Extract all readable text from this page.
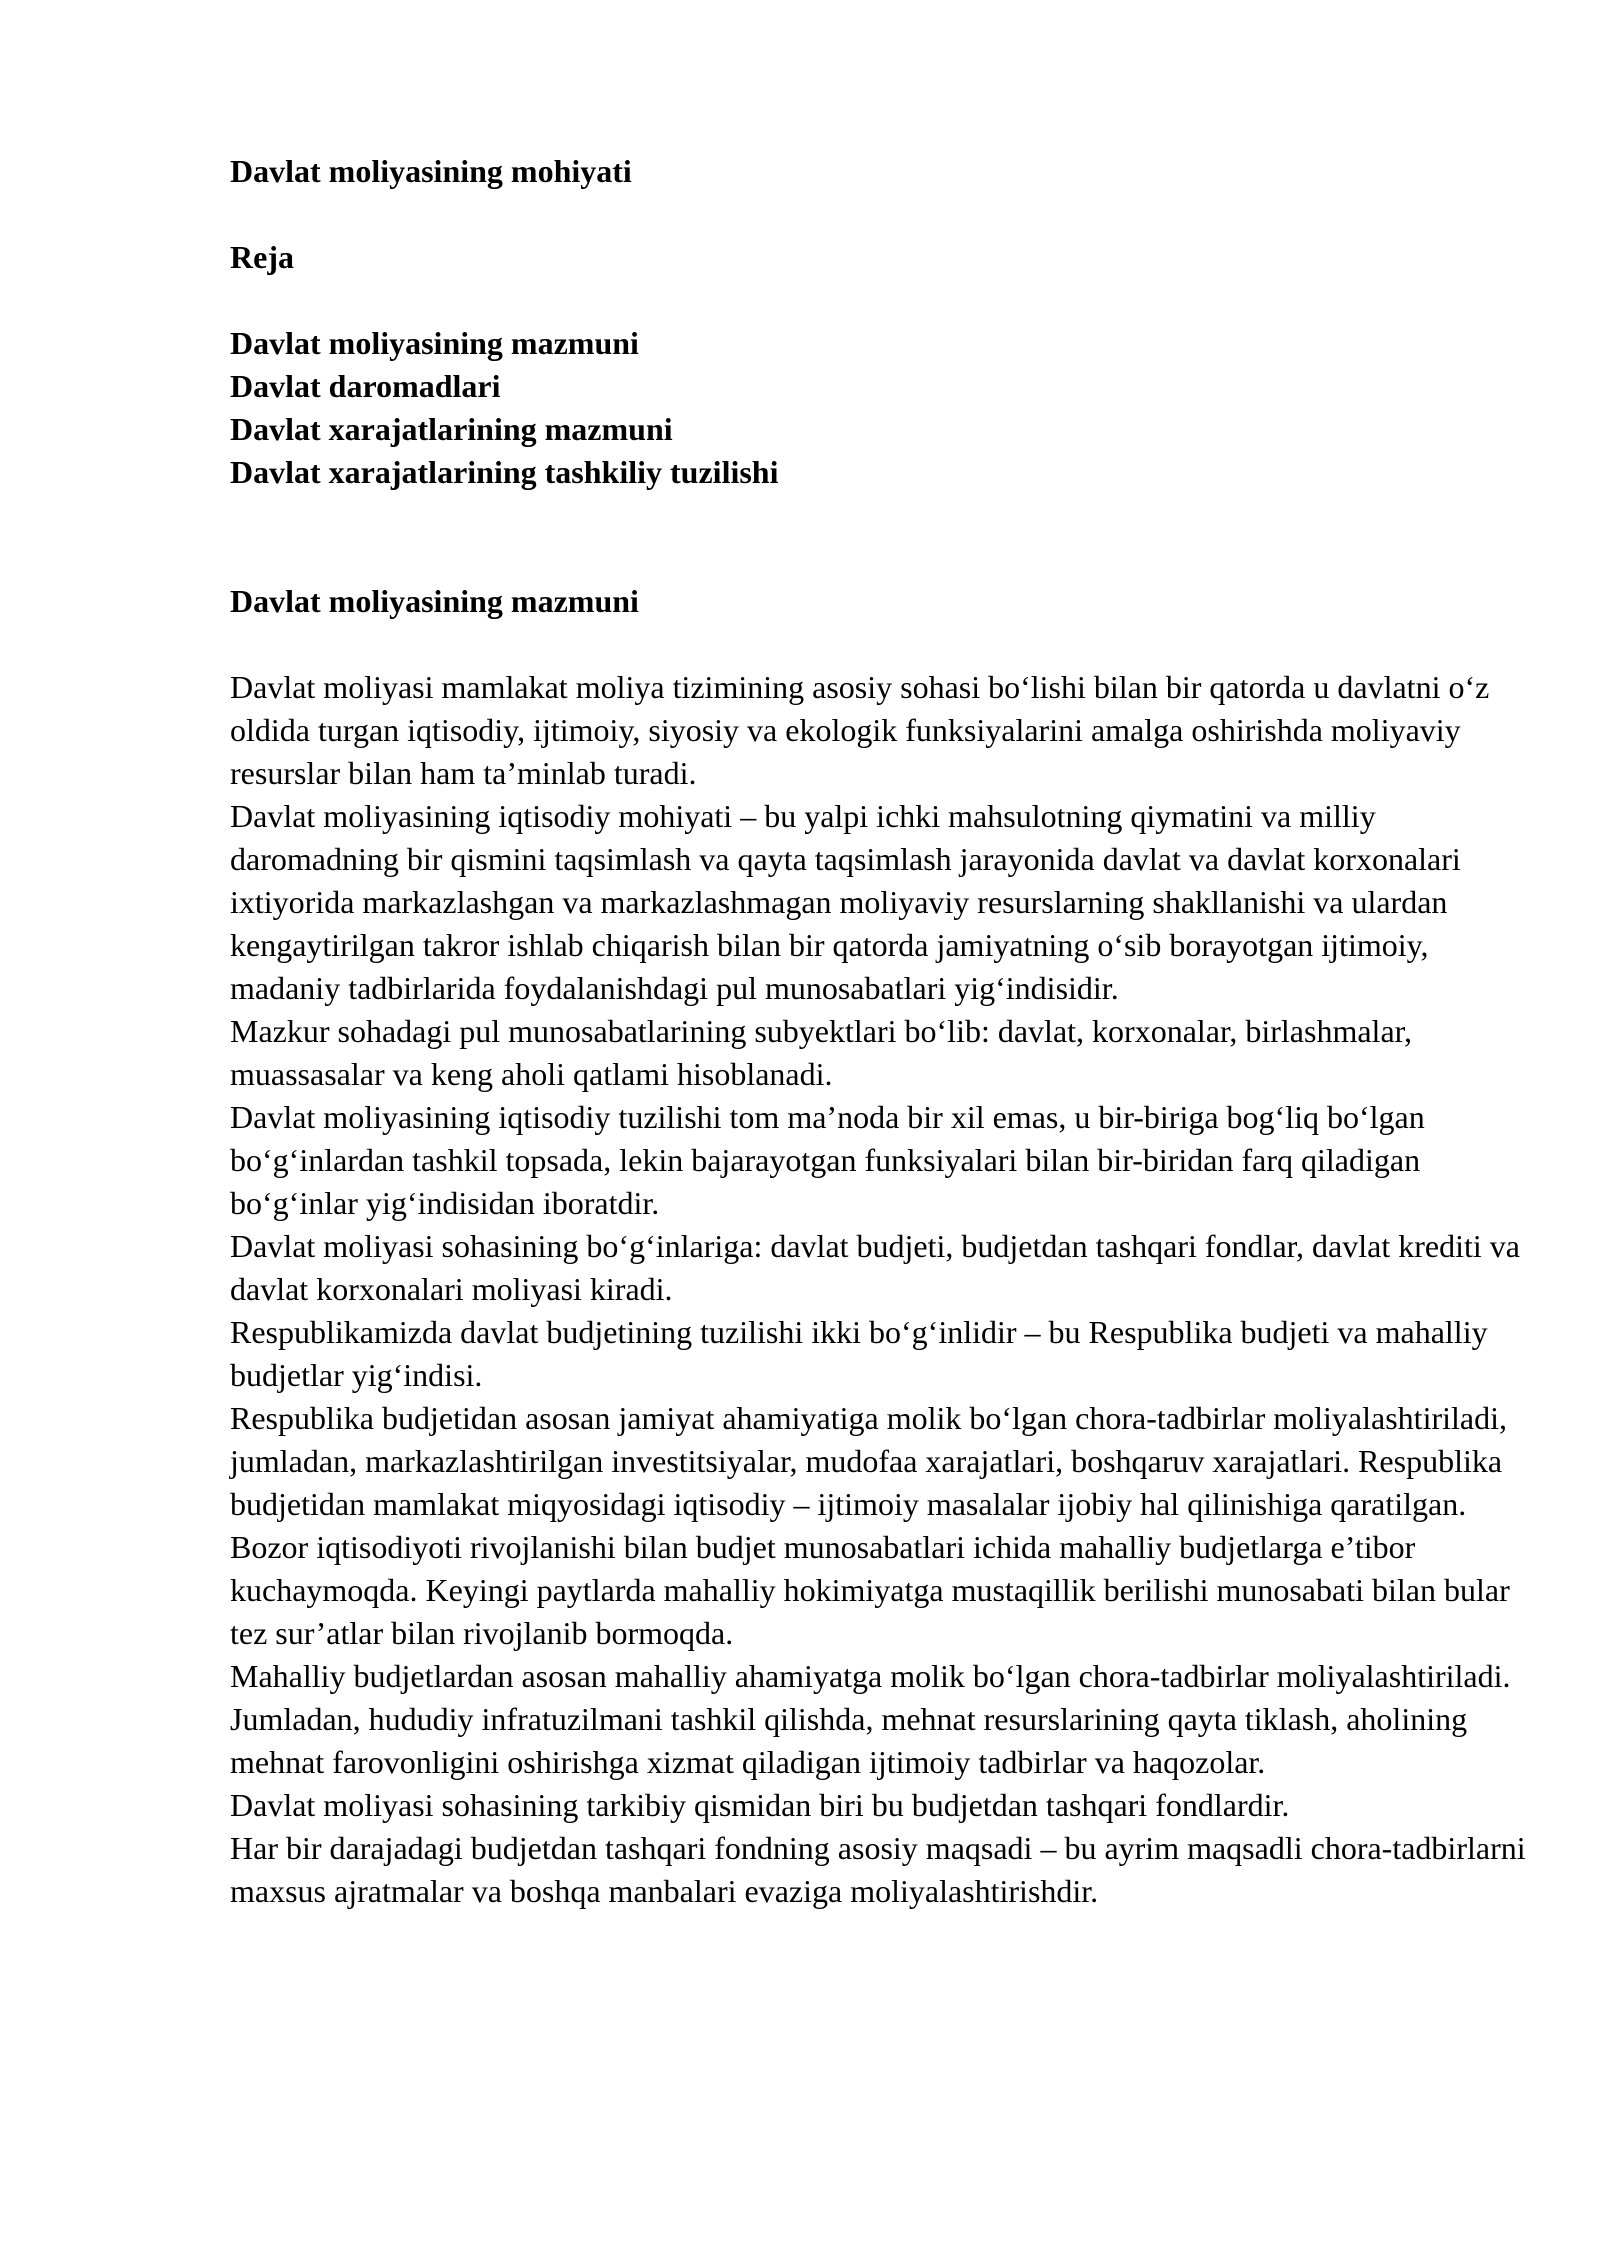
Davlat moliyasining mohiyati
Reja
Davlat moliyasining mazmuni
Davlat daromadlari
Davlat xarajatlarining mazmuni
Davlat xarajatlarining tashkiliy tuzilishi
Davlat moliyasining mazmuni

Davlat moliyasi mamlakat moliya tizimining asosiy sohasi bo‘lishi bilan bir qatorda u davlatni o‘z oldida turgan iqtisodiy, ijtimoiy, siyosiy va ekologik funksiyalarini amalga oshirishda moliyaviy resurslar bilan ham ta’minlab turadi.

Davlat moliyasining iqtisodiy mohiyati – bu yalpi ichki mahsulotning qiymatini va milliy daromadning bir qismini taqsimlash va qayta taqsimlash jarayonida davlat va davlat korxonalari ixtiyorida markazlashgan va markazlashmagan moliyaviy resurslarning shakllanishi va ulardan kengaytirilgan takror ishlab chiqarish bilan bir qatorda jamiyatning o‘sib borayotgan ijtimoiy, madaniy tadbirlarida foydalanishdagi pul munosabatlari yig‘indisidir.

Mazkur sohadagi pul munosabatlarining subyektlari bo‘lib: davlat, korxonalar, birlashmalar, muassasalar va keng aholi qatlami hisoblanadi.

Davlat moliyasining iqtisodiy tuzilishi tom ma’noda bir xil emas, u bir-biriga bog‘liq bo‘lgan bo‘g‘inlardan tashkil topsada, lekin bajarayotgan funksiyalari bilan bir-biridan farq qiladigan bo‘g‘inlar yig‘indisidan iboratdir.

Davlat moliyasi sohasining bo‘g‘inlariga: davlat budjeti, budjetdan tashqari fondlar, davlat krediti va davlat korxonalari moliyasi kiradi.

Respublikamizda davlat budjetining tuzilishi ikki bo‘g‘inlidir – bu Respublika budjeti va mahalliy budjetlar yig‘indisi.

Respublika budjetidan asosan jamiyat ahamiyatiga molik bo‘lgan chora-tadbirlar moliyalashtiriladi, jumladan, markazlashtirilgan investitsiyalar, mudofaa xarajatlari, boshqaruv xarajatlari. Respublika budjetidan mamlakat miqyosidagi iqtisodiy – ijtimoiy masalalar ijobiy hal qilinishiga qaratilgan.

Bozor iqtisodiyoti rivojlanishi bilan budjet munosabatlari ichida mahalliy budjetlarga e’tibor kuchaymoqda. Keyingi paytlarda mahalliy hokimiyatga mustaqillik berilishi munosabati bilan bular tez sur’atlar bilan rivojlanib bormoqda.

Mahalliy budjetlardan asosan mahalliy ahamiyatga molik bo‘lgan chora-tadbirlar moliyalashtiriladi. Jumladan, hududiy infratuzilmani tashkil qilishda, mehnat resurslarining qayta tiklash, aholining mehnat farovonligini oshirishga xizmat qiladigan ijtimoiy tadbirlar va haqozolar.

Davlat moliyasi sohasining tarkibiy qismidan biri bu budjetdan tashqari fondlardir.

Har bir darajadagi budjetdan tashqari fondning asosiy maqsadi – bu ayrim maqsadli chora-tadbirlarni maxsus ajratmalar va boshqa manbalari evaziga moliyalashtirishdir.
